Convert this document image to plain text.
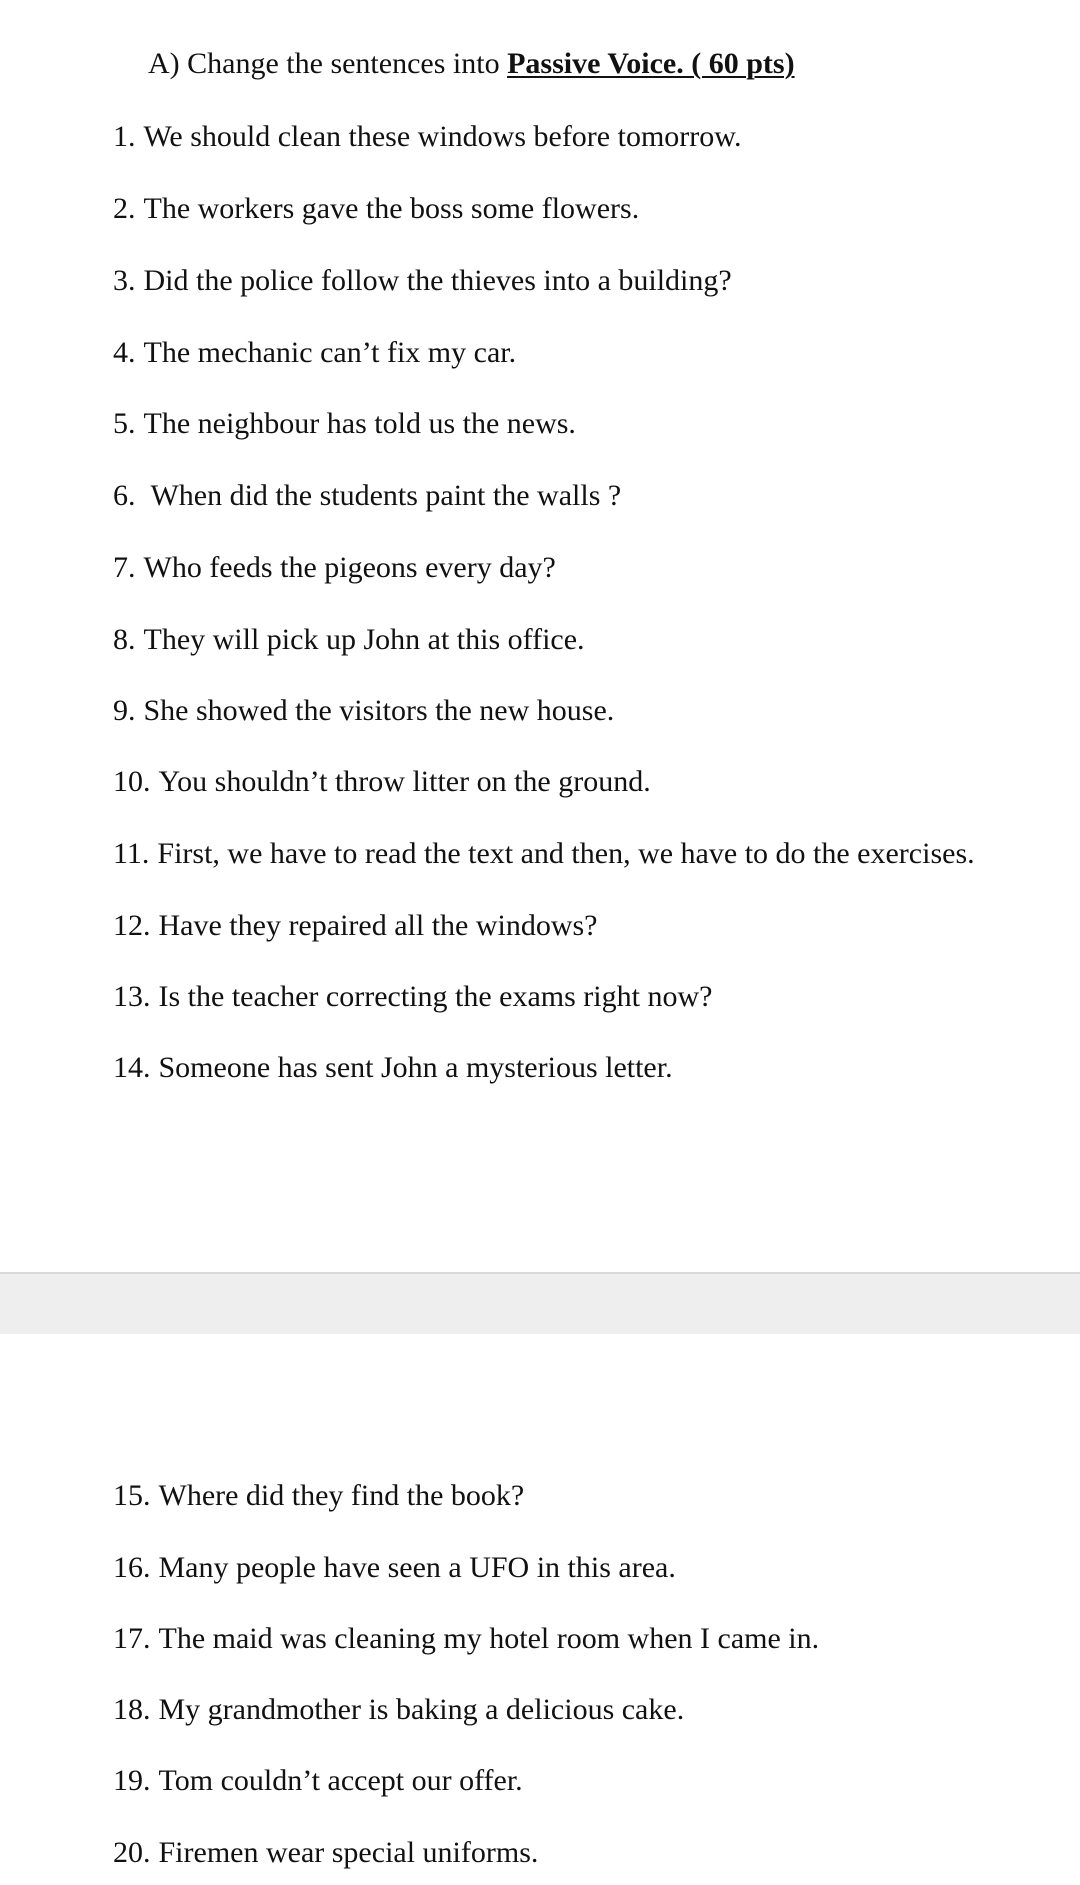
A) Change the sentences into Passive Voice. ( 60 pts)
1. We should clean these windows before tomorrow.
2. The workers gave the boss some flowers.
3. Did the police follow the thieves into a building?
4. The mechanic can’t fix my car.
5. The neighbour has told us the news.
6. When did the students paint the walls ?
7. Who feeds the pigeons every day?
8. They will pick up John at this office.
9. She showed the visitors the new house.
10. You shouldn’t throw litter on the ground.
11. First, we have to read the text and then, we have to do the exercises.
12. Have they repaired all the windows?
13. Is the teacher correcting the exams right now?
14. Someone has sent John a mysterious letter.
15. Where did they find the book?
16. Many people have seen a UFO in this area.
17. The maid was cleaning my hotel room when I came in.
18. My grandmother is baking a delicious cake.
19. Tom couldn’t accept our offer.
20. Firemen wear special uniforms.
